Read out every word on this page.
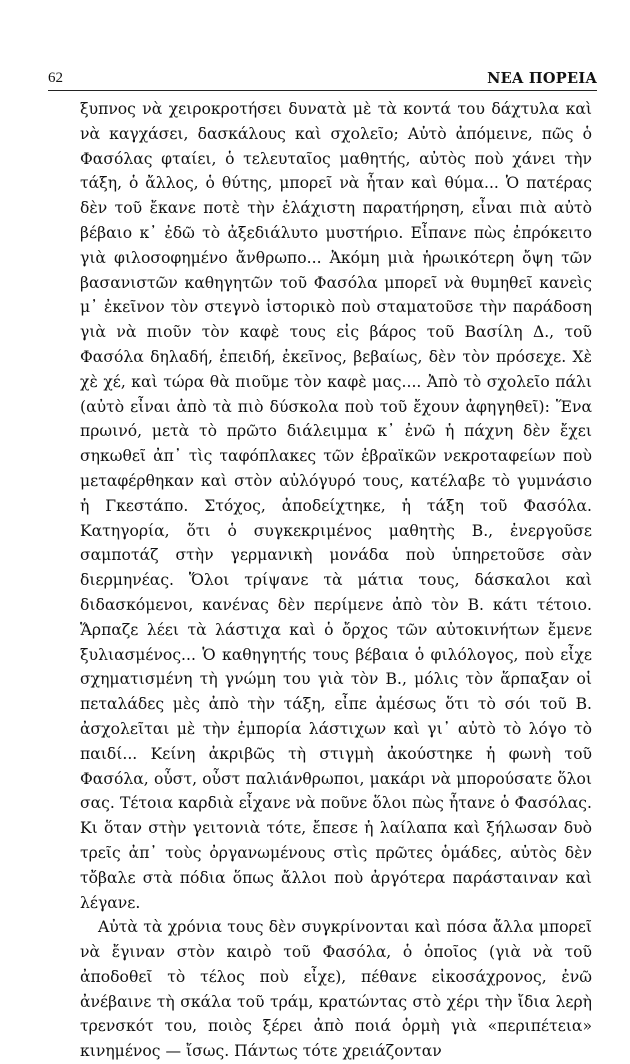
62	ΝΕΑ ΠΟΡΕΙΑ

ξυπνος νὰ χειροκροτήσει δυνατὰ μὲ τὰ κοντά του δάχτυλα καὶ νὰ καγχάσει, δασκάλους καὶ σχολεῖο; Αὐτὸ ἀπόμεινε, πῶς ὁ Φασόλας φταίει, ὁ τελευταῖος μαθητής, αὐτὸς ποὺ χάνει τὴν τάξη, ὁ ἄλλος, ὁ θύτης, μπορεῖ νὰ ἦταν καὶ θύμα... Ὁ πατέρας δὲν τοῦ ἔκανε ποτὲ τὴν ἐλάχιστη παρατήρηση, εἶναι πιὰ αὐτὸ βέβαιο κ᾿ ἐδῶ τὸ ἀξεδιάλυτο μυστήριο. Εἶπανε πὼς ἐπρόκειτο γιὰ φιλοσοφημένο ἄνθρωπο... Ἀκόμη μιὰ ἡρωικότερη ὄψη τῶν βασανιστῶν καθηγητῶν τοῦ Φασόλα μπορεῖ νὰ θυμηθεῖ κανεὶς μ᾿ ἐκεῖνον τὸν στεγνὸ ἱστορικὸ ποὺ σταματοῦσε τὴν παράδοση γιὰ νὰ πιοῦν τὸν καφὲ τους εἰς βάρος τοῦ Βασίλη Δ., τοῦ Φασόλα δηλαδή, ἐπειδή, ἐκεῖνος, βεβαίως, δὲν τὸν πρόσεχε. Χὲ χὲ χέ, καὶ τώρα θὰ πιοῦμε τὸν καφὲ μας.... Ἀπὸ τὸ σχολεῖο πάλι (αὐτὸ εἶναι ἀπὸ τὰ πιὸ δύσκολα ποὺ τοῦ ἔχουν ἀφηγηθεῖ): Ἕνα πρωινό, μετὰ τὸ πρῶτο διάλειμμα κ᾿ ἐνῶ ἡ πάχνη δὲν ἔχει σηκωθεῖ ἀπ᾿ τὶς ταφόπλακες τῶν ἑβραϊκῶν νεκροταφείων ποὺ μεταφέρθηκαν καὶ στὸν αὐλόγυρό τους, κατέλαβε τὸ γυμνάσιο ἡ Γκεστάπο. Στόχος, ἀποδείχτηκε, ἡ τάξη τοῦ Φασόλα. Κατηγορία, ὅτι ὁ συγκεκριμένος μαθητὴς Β., ἐνεργοῦσε σαμποτάζ στὴν γερμανικὴ μονάδα ποὺ ὑπηρετοῦσε σὰν διερμηνέας. Ὅλοι τρίψανε τὰ μάτια τους, δάσκαλοι καὶ διδασκόμενοι, κανένας δὲν περίμενε ἀπὸ τὸν Β. κάτι τέτοιο. Ἅρπαζε λέει τὰ λάστιχα καὶ ὁ ὄρχος τῶν αὐτοκινήτων ἔμενε ξυλιασμένος... Ὁ καθηγητής τους βέβαια ὁ φιλόλογος, ποὺ εἶχε σχηματισμένη τὴ γνώμη του γιὰ τὸν Β., μόλις τὸν ἅρπαξαν οἱ πεταλάδες μὲς ἀπὸ τὴν τάξη, εἶπε ἀμέσως ὅτι τὸ σόι τοῦ Β. ἀσχολεῖται μὲ τὴν ἐμπορία λάστιχων καὶ γι᾿ αὐτὸ τὸ λόγο τὸ παιδί... Κείνη ἀκριβῶς τὴ στιγμὴ ἀκούστηκε ἡ φωνὴ τοῦ Φασόλα, οὖστ, οὖστ παλιάνθρωποι, μακάρι νὰ μπορούσατε ὅλοι σας. Τέτοια καρδιὰ εἶχανε νὰ ποῦνε ὅλοι πὼς ἦτανε ὁ Φασόλας. Κι ὅταν στὴν γειτονιὰ τότε, ἔπεσε ἡ λαίλαπα καὶ ξήλωσαν δυὸ τρεῖς ἀπ᾿ τοὺς ὀργανωμένους στὶς πρῶτες ὁμάδες, αὐτὸς δὲν τὄβαλε στὰ πόδια ὅπως ἄλλοι ποὺ ἀργότερα παράσταιναν καὶ λέγανε.

Αὐτὰ τὰ χρόνια τους δὲν συγκρίνονται καὶ πόσα ἄλλα μπορεῖ νὰ ἔγιναν στὸν καιρὸ τοῦ Φασόλα, ὁ ὁποῖος (γιὰ νὰ τοῦ ἀποδοθεῖ τὸ τέλος ποὺ εἶχε), πέθανε εἰκοσάχρονος, ἐνῶ ἀνέβαινε τὴ σκάλα τοῦ τράμ, κρατώντας στὸ χέρι τὴν ἴδια λερὴ τρενσκότ του, ποιὸς ξέρει ἀπὸ ποιά ὁρμὴ γιὰ «περιπέτεια» κινημένος — ἴσως. Πάντως τότε χρειάζονταν
